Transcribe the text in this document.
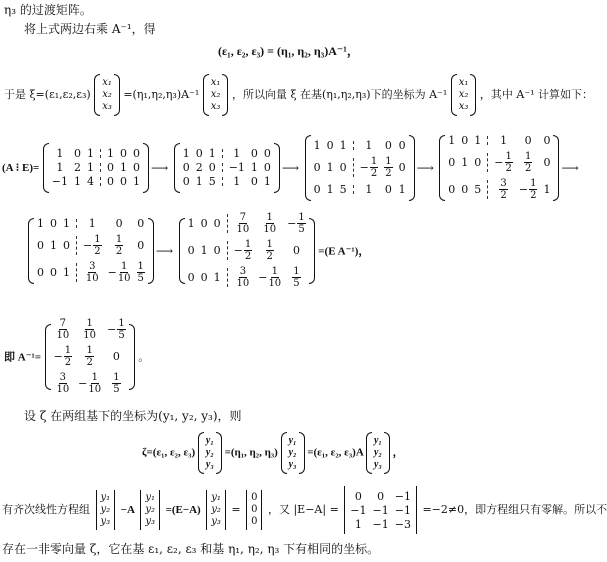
η₃ 的过渡矩阵。
将上式两边右乘 A⁻¹，得
(ε₁, ε₂, ε₃) = (η₁, η₂, η₃)A⁻¹，
于是 ξ=(ε₁,ε₂,ε₃)
x₁
x₂
x₃
=(η₁,η₂,η₃)A⁻¹
x₁
x₂
x₃
，所以向量 ξ 在基(η₁,η₂,η₃)下的坐标为 A⁻¹
x₁
x₂
x₃
，其中 A⁻¹ 计算如下：
(A ⁝ E)=
1 0 1 1 0 0
1 2 1 0 1 0
−1 1 4 0 0 1
⟶
1 0 1 1 0 0
0 2 0 −1 1 0
0 1 5 1 0 1
⟶
1 0 1 1 0 0
0 1 $0 - \frac{1}{2} \frac{1}{2} 0$
0 1 5 1 0 1
⟶
1 0 1 1 0 0
0 1 $0 - \frac{1}{2} \frac{1}{2} 0$
0 0 $5 \frac{3}{2} - \frac{1}{2} 1$
⟶
1 0 1 1 0 0
0 1 $0 - \frac{1}{2} \frac{1}{2} 0$
0 0 $1 \frac{3}{10} - \frac{1}{10} \frac{1}{5}$
⟶
1 0 $0 \frac{7}{10} \frac{1}{10} - \frac{1}{5}$
0 1 $0 - \frac{1}{2} \frac{1}{2} 0$
0 0 $1 \frac{3}{10} - \frac{1}{10} \frac{1}{5}$
=(E A⁻¹)，
即 A⁻¹=
$\frac{7}{10} \frac{1}{10} - \frac{1}{5}$
− $\frac{1}{2} \frac{1}{2} 0$
$\frac{3}{10} - \frac{1}{10} \frac{1}{5}$
。
设 ζ 在两组基下的坐标为(y₁, y₂, y₃)，则
ζ=(ε₁, ε₂, ε₃)
y₁
y₂
y₃
=(η₁, η₂, η₃)
y₁
y₂
y₃
=(ε₁, ε₂, ε₃)A
y₁
y₂
y₃
，
有齐次线性方程组
y₁
y₂
y₃
−A
y₁
y₂
y₃
=(E−A)
y₁
y₂
y₃
=
0
0
0
，又 |E−A| =
0 0 −1
−1 −1 −1
1 −1 −3
=−2≠0，即方程组只有零解。所以不
存在一非零向量 ζ，它在基 ε₁, ε₂, ε₃ 和基 η₁, η₂, η₃ 下有相同的坐标。
